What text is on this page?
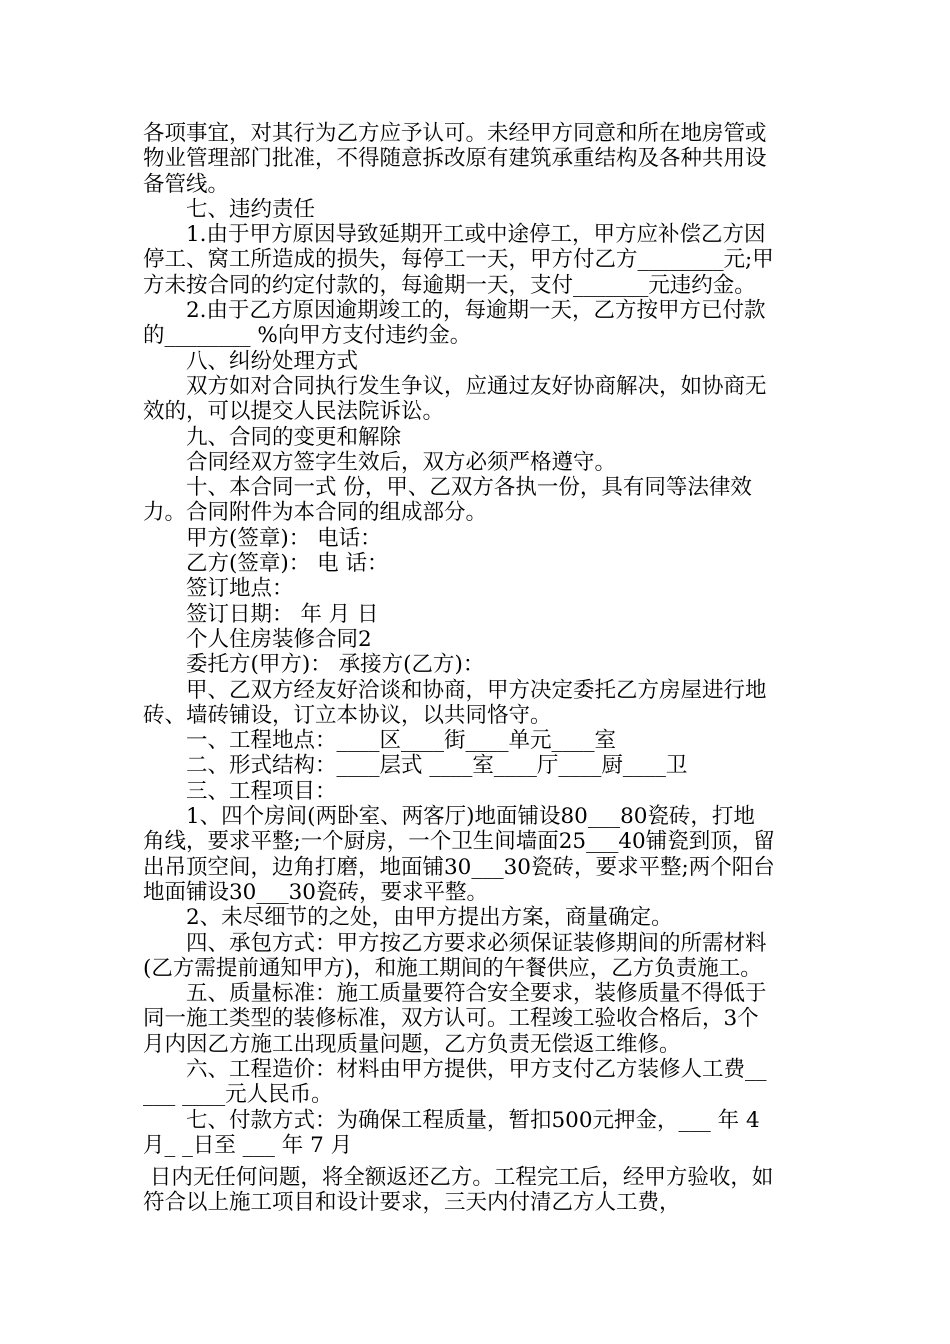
各项事宜，对其行为乙方应予认可。未经甲方同意和所在地房管或
物业管理部门批准，不得随意拆改原有建筑承重结构及各种共用设
备管线。
　　七、违约责任
　　1.由于甲方原因导致延期开工或中途停工，甲方应补偿乙方因
停工、窝工所造成的损失，每停工一天，甲方付乙方________元;甲
方未按合同的约定付款的，每逾期一天，支付_______元违约金。
　　2.由于乙方原因逾期竣工的，每逾期一天，乙方按甲方已付款
的________ %向甲方支付违约金。
　　八、纠纷处理方式
　　双方如对合同执行发生争议，应通过友好协商解决，如协商无
效的，可以提交人民法院诉讼。
　　九、合同的变更和解除
　　合同经双方签字生效后，双方必须严格遵守。
　　十、本合同一式 份，甲、乙双方各执一份，具有同等法律效
力。合同附件为本合同的组成部分。
　　甲方(签章)： 电话：
　　乙方(签章)： 电 话：
　　签订地点：
　　签订日期： 年 月 日
　　个人住房装修合同2
　　委托方(甲方)： 承接方(乙方)：
　　甲、乙双方经友好洽谈和协商，甲方决定委托乙方房屋进行地
砖、墙砖铺设，订立本协议，以共同恪守。
　　一、工程地点：____区____街____单元____室
　　二、形式结构：____层式 ____室____厅____厨____卫
　　三、工程项目：
　　1、四个房间(两卧室、两客厅)地面铺设80___80瓷砖，打地
角线，要求平整;一个厨房，一个卫生间墙面25___40铺瓷到顶，留
出吊顶空间，边角打磨，地面铺30___30瓷砖，要求平整;两个阳台
地面铺设30___30瓷砖，要求平整。
　　2、未尽细节的之处，由甲方提出方案，商量确定。
　　四、承包方式：甲方按乙方要求必须保证装修期间的所需材料
(乙方需提前通知甲方)，和施工期间的午餐供应，乙方负责施工。
　　五、质量标准：施工质量要符合安全要求，装修质量不得低于
同一施工类型的装修标准，双方认可。工程竣工验收合格后，3个
月内因乙方施工出现质量问题，乙方负责无偿返工维修。
　　六、工程造价：材料由甲方提供，甲方支付乙方装修人工费__
___ ____元人民币。
　　七、付款方式：为确保工程质量，暂扣500元押金，___ 年 4
月_ _日至 ___ 年 7 月
日内无任何问题，将全额返还乙方。工程完工后，经甲方验收，如
符合以上施工项目和设计要求，三天内付清乙方人工费，
